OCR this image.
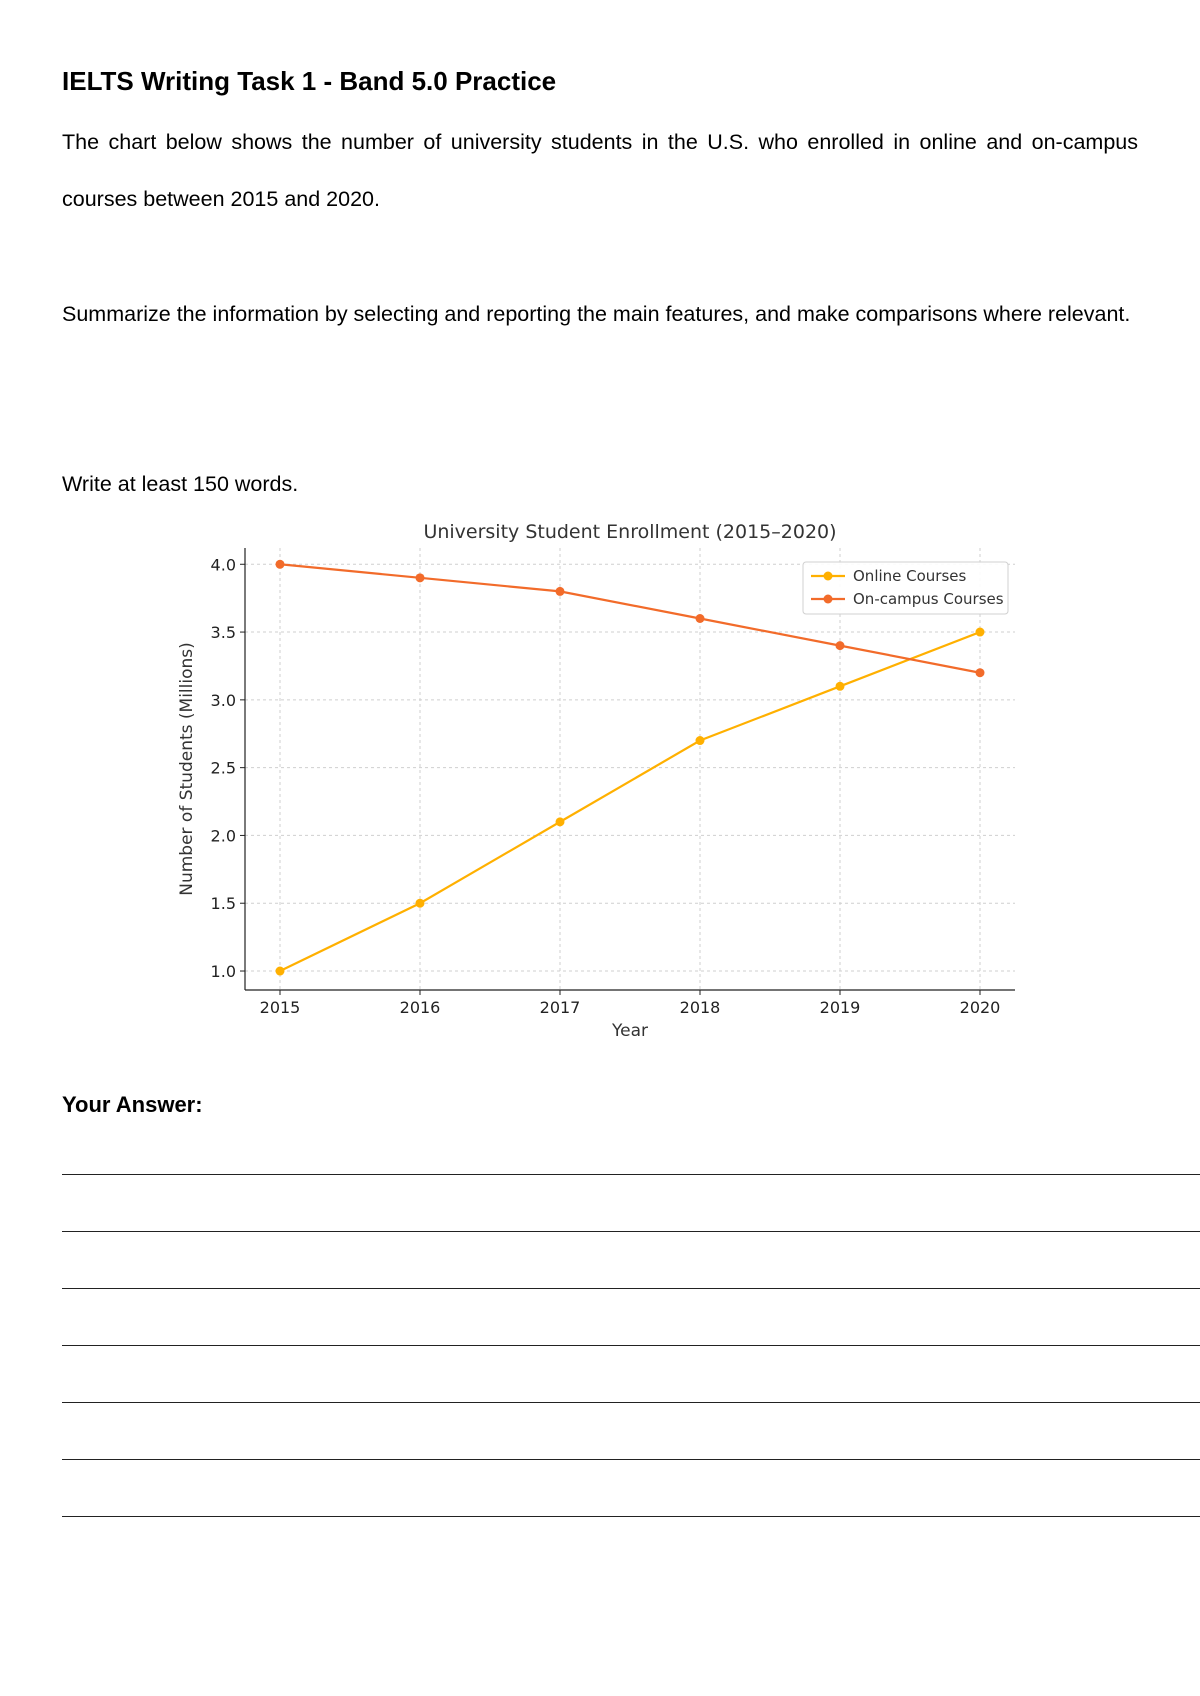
IELTS Writing Task 1 - Band 5.0 Practice

The chart below shows the number of university students in the U.S. who enrolled in online and on-campus courses between 2015 and 2020.

Summarize the information by selecting and reporting the main features, and make comparisons where relevant.

Write at least 150 words.

1.0
1.5
2.0
2.5
3.0
3.5
4.0
2015	2016	2017	2018	2019	2020
University Student Enrollment (2015–2020)
Year
Number of Students (Millions)
Online Courses
On-campus Courses

Your Answer:
